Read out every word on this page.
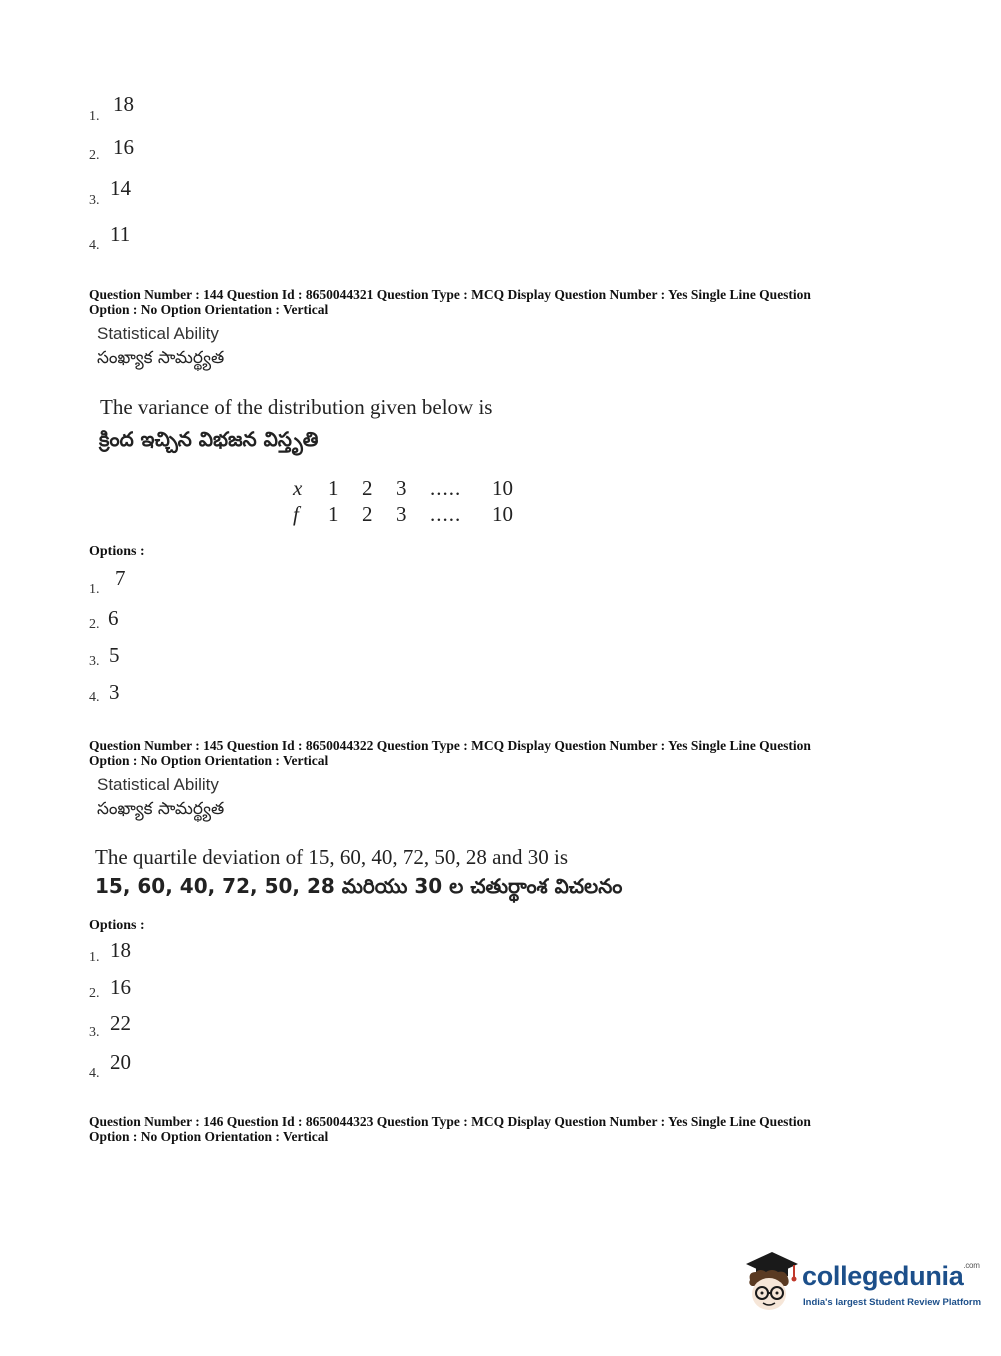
1.
18
2. 16
3.
14
4. 11
Question Number : 144 Question Id : 8650044321 Question Type : MCQ Display Question Number : Yes Single Line Question
Option : No Option Orientation : Vertical
Statistical Ability
సంఖ్యాక సామర్థ్యత
The variance of the distribution given below is
క్రింద ఇచ్చిన విభజన విస్తృతి
x 1 2 3 ..... 10
f 1 2 3 ..... 10
Options :
1. 7
2. 6
3. 5
4. 3
Question Number : 145 Question Id : 8650044322 Question Type : MCQ Display Question Number : Yes Single Line Question
Option : No Option Orientation : Vertical
Statistical Ability
సంఖ్యాక సామర్థ్యత
The quartile deviation of 15, 60, 40, 72, 50, 28 and 30 is
15, 60, 40, 72, 50, 28 మరియు 30 ల చతుర్థాంశ విచలనం
Options :
1. 18
2. 16
3. 22
4. 20
Question Number : 146 Question Id : 8650044323 Question Type : MCQ Display Question Number : Yes Single Line Question
Option : No Option Orientation : Vertical
collegedunia$^{.com}$
India's largest Student Review Platform
